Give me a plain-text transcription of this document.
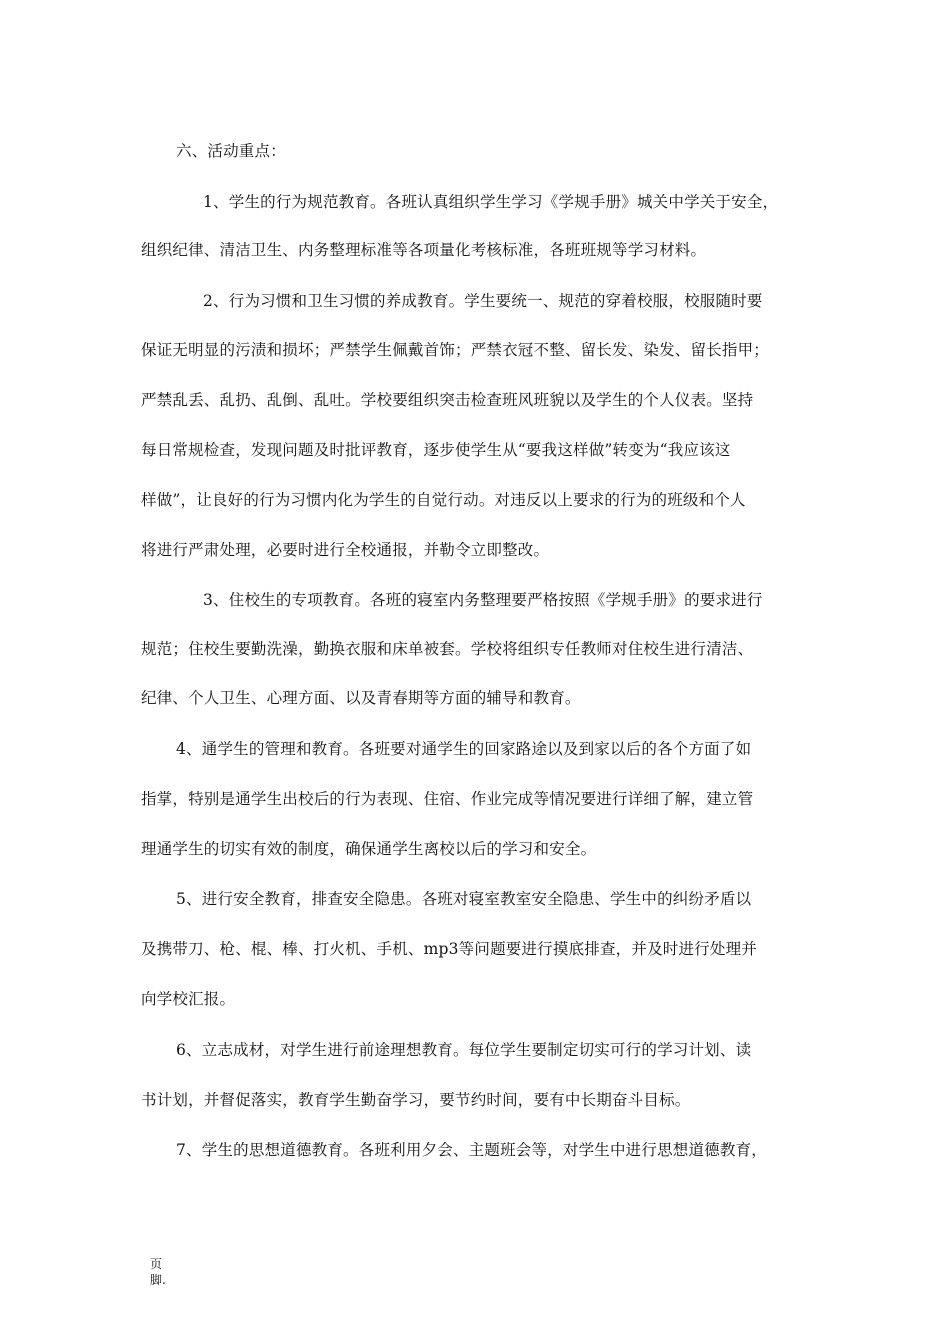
六、活动重点：
1、学生的行为规范教育。各班认真组织学生学习《学规手册》城关中学关于安全，
组织纪律、清洁卫生、内务整理标准等各项量化考核标准，各班班规等学习材料。
2、行为习惯和卫生习惯的养成教育。学生要统一、规范的穿着校服，校服随时要
保证无明显的污渍和损坏；严禁学生佩戴首饰；严禁衣冠不整、留长发、染发、留长指甲；
严禁乱丢、乱扔、乱倒、乱吐。学校要组织突击检查班风班貌以及学生的个人仪表。坚持
每日常规检查，发现问题及时批评教育，逐步使学生从“要我这样做”转变为“我应该这
样做”，让良好的行为习惯内化为学生的自觉行动。对违反以上要求的行为的班级和个人
将进行严肃处理，必要时进行全校通报，并勒令立即整改。
3、住校生的专项教育。各班的寝室内务整理要严格按照《学规手册》的要求进行
规范；住校生要勤洗澡，勤换衣服和床单被套。学校将组织专任教师对住校生进行清洁、
纪律、个人卫生、心理方面、以及青春期等方面的辅导和教育。
4、通学生的管理和教育。各班要对通学生的回家路途以及到家以后的各个方面了如
指掌，特别是通学生出校后的行为表现、住宿、作业完成等情况要进行详细了解，建立管
理通学生的切实有效的制度，确保通学生离校以后的学习和安全。
5、进行安全教育，排查安全隐患。各班对寝室教室安全隐患、学生中的纠纷矛盾以
及携带刀、枪、棍、棒、打火机、手机、mp3等问题要进行摸底排查，并及时进行处理并
向学校汇报。
6、立志成材，对学生进行前途理想教育。每位学生要制定切实可行的学习计划、读
书计划，并督促落实，教育学生勤奋学习，要节约时间，要有中长期奋斗目标。
7、学生的思想道德教育。各班利用夕会、主题班会等，对学生中进行思想道德教育，
页
脚.
